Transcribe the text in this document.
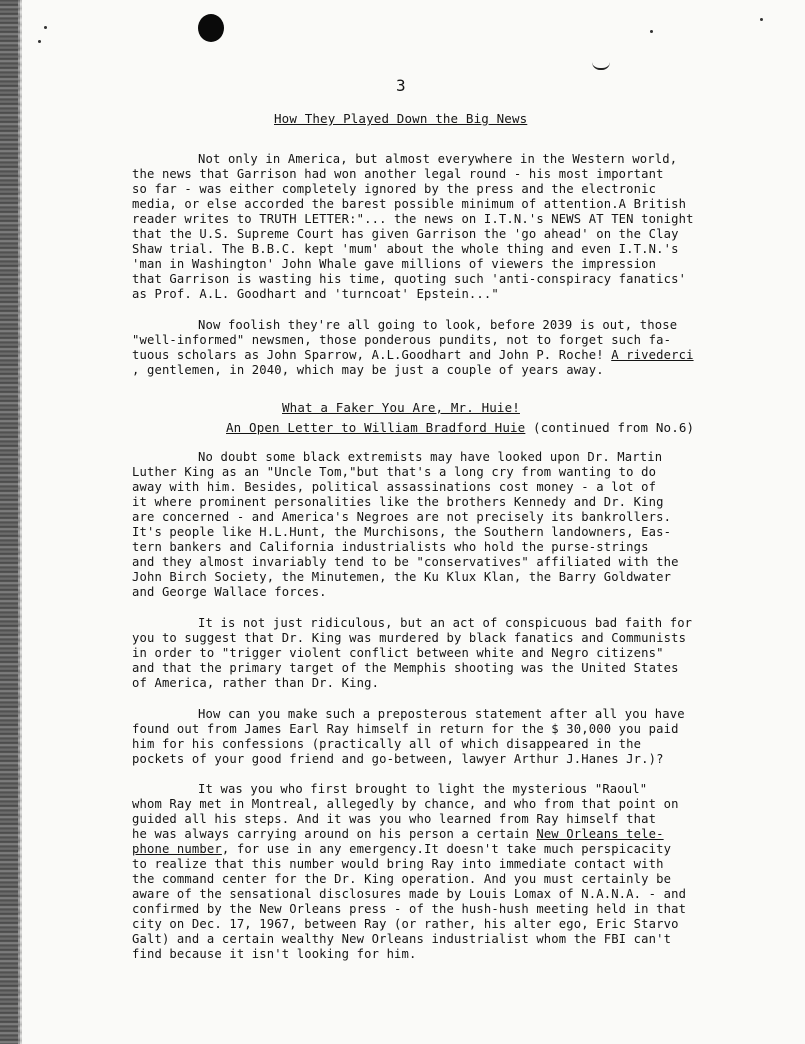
3
How They Played Down the Big News
Not only in America, but almost everywhere in the Western world,
the news that Garrison had won another legal round - his most important
so far - was either completely ignored by the press and the electronic
media, or else accorded the barest possible minimum of attention.A British
reader writes to TRUTH LETTER:"... the news on I.T.N.'s NEWS AT TEN tonight
that the U.S. Supreme Court has given Garrison the 'go ahead' on the Clay
Shaw trial. The B.B.C. kept 'mum' about the whole thing and even I.T.N.'s
'man in Washington' John Whale gave millions of viewers the impression
that Garrison is wasting his time, quoting such 'anti-conspiracy fanatics'
as Prof. A.L. Goodhart and 'turncoat' Epstein..."
Now foolish they're all going to look, before 2039 is out, those
"well-informed" newsmen, those ponderous pundits, not to forget such fa-
tuous scholars as John Sparrow, A.L.Goodhart and John P. Roche! A rivederci
, gentlemen, in 2040, which may be just a couple of years away.
What a Faker You Are, Mr. Huie!
An Open Letter to William Bradford Huie (continued from No.6)
No doubt some black extremists may have looked upon Dr. Martin
Luther King as an "Uncle Tom,"but that's a long cry from wanting to do
away with him. Besides, political assassinations cost money - a lot of
it where prominent personalities like the brothers Kennedy and Dr. King
are concerned - and America's Negroes are not precisely its bankrollers.
It's people like H.L.Hunt, the Murchisons, the Southern landowners, Eas-
tern bankers and California industrialists who hold the purse-strings
and they almost invariably tend to be "conservatives" affiliated with the
John Birch Society, the Minutemen, the Ku Klux Klan, the Barry Goldwater
and George Wallace forces.
It is not just ridiculous, but an act of conspicuous bad faith for
you to suggest that Dr. King was murdered by black fanatics and Communists
in order to "trigger violent conflict between white and Negro citizens"
and that the primary target of the Memphis shooting was the United States
of America, rather than Dr. King.
How can you make such a preposterous statement after all you have
found out from James Earl Ray himself in return for the $ 30,000 you paid
him for his confessions (practically all of which disappeared in the
pockets of your good friend and go-between, lawyer Arthur J.Hanes Jr.)?
It was you who first brought to light the mysterious "Raoul"
whom Ray met in Montreal, allegedly by chance, and who from that point on
guided all his steps. And it was you who learned from Ray himself that
he was always carrying around on his person a certain New Orleans tele-
phone number, for use in any emergency.It doesn't take much perspicacity
to realize that this number would bring Ray into immediate contact with
the command center for the Dr. King operation. And you must certainly be
aware of the sensational disclosures made by Louis Lomax of N.A.N.A. - and
confirmed by the New Orleans press - of the hush-hush meeting held in that
city on Dec. 17, 1967, between Ray (or rather, his alter ego, Eric Starvo
Galt) and a certain wealthy New Orleans industrialist whom the FBI can't
find because it isn't looking for him.
